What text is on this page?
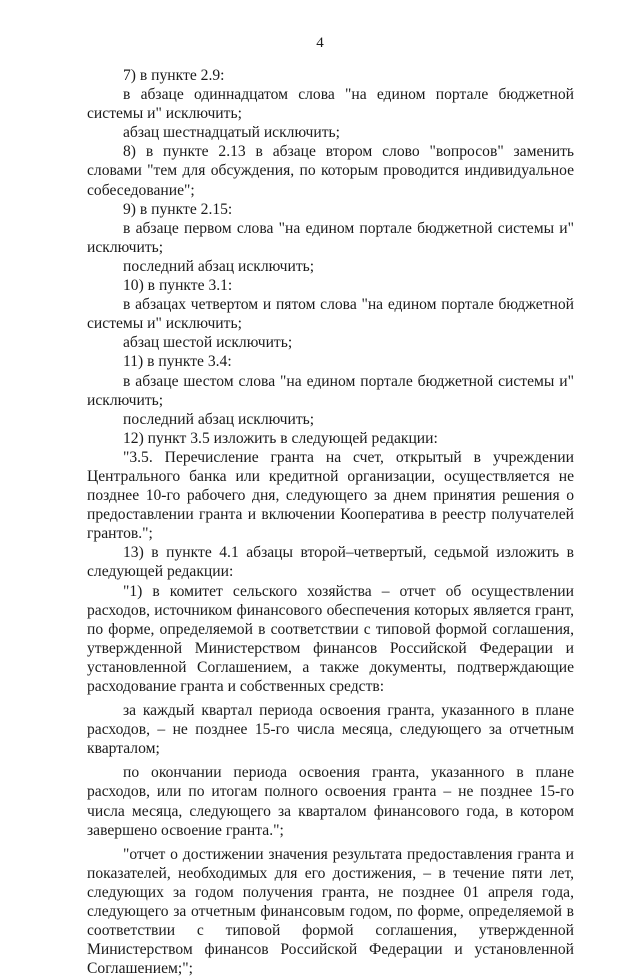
4

7) в пункте 2.9:

в абзаце одиннадцатом слова "на едином портале бюджетной системы и" исключить;

абзац шестнадцатый исключить;

8) в пункте 2.13 в абзаце втором слово "вопросов" заменить словами "тем для обсуждения, по которым проводится индивидуальное собеседование";

9) в пункте 2.15:

в абзаце первом слова "на едином портале бюджетной системы и" исключить;

последний абзац исключить;

10) в пункте 3.1:

в абзацах четвертом и пятом слова "на едином портале бюджетной системы и" исключить;

абзац шестой исключить;

11) в пункте 3.4:

в абзаце шестом слова "на едином портале бюджетной системы и" исключить;

последний абзац исключить;

12) пункт 3.5 изложить в следующей редакции:

"3.5. Перечисление гранта на счет, открытый в учреждении Центрального банка или кредитной организации, осуществляется не позднее 10-го рабочего дня, следующего за днем принятия решения о предоставлении гранта и включении Кооператива в реестр получателей грантов.";

13) в пункте 4.1 абзацы второй–четвертый, седьмой изложить в следующей редакции:

"1) в комитет сельского хозяйства – отчет об осуществлении расходов, источником финансового обеспечения которых является грант, по форме, определяемой в соответствии с типовой формой соглашения, утвержденной Министерством финансов Российской Федерации и установленной Соглашением, а также документы, подтверждающие расходование гранта и собственных средств:

за каждый квартал периода освоения гранта, указанного в плане расходов, – не позднее 15-го числа месяца, следующего за отчетным кварталом;

по окончании периода освоения гранта, указанного в плане расходов, или по итогам полного освоения гранта – не позднее 15-го числа месяца, следующего за кварталом финансового года, в котором завершено освоение гранта.";

"отчет о достижении значения результата предоставления гранта и показателей, необходимых для его достижения, – в течение пяти лет, следующих за годом получения гранта, не позднее 01 апреля года, следующего за отчетным финансовым годом, по форме, определяемой в соответствии с типовой формой соглашения, утвержденной Министерством финансов Российской Федерации и установленной Соглашением;";
